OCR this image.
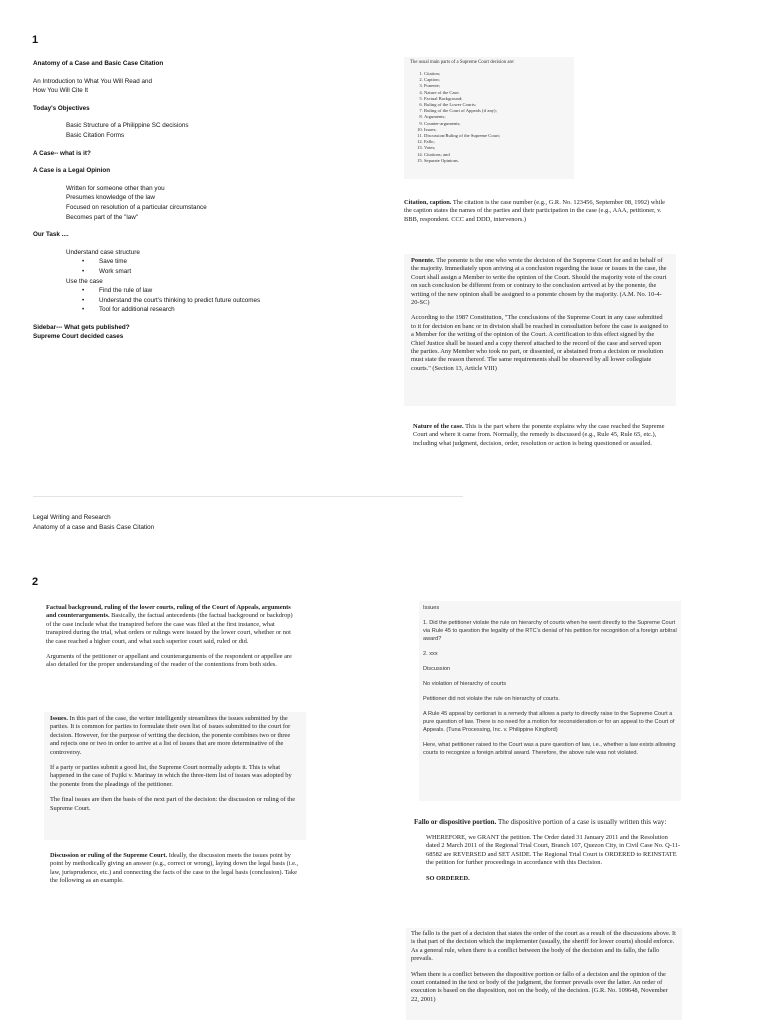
1
Anatomy of a Case and Basic Case Citation
An Introduction to What You Will Read and
How You Will Cite It
Today's Objectives
Basic Structure of a Philippine SC decisions
Basic Citation Forms
A Case-- what is it?
A Case is a Legal Opinion
Written for someone other than you
Presumes knowledge of the law
Focused on resolution of a particular circumstance
Becomes part of the "law"
Our Task ....
Understand case structure
• Save time
• Work smart
Use the case
• Find the rule of law
• Understand the court's thinking to predict future outcomes
• Tool for additional research
Sidebar--- What gets published?
Supreme Court decided cases
The usual main parts of a Supreme Court decision are:
1. Citation;
2. Caption;
3. Ponente;
4. Nature of the Case;
5. Factual Background;
6. Ruling of the Lower Courts;
7. Ruling of the Court of Appeals (if any);
8. Arguments;
9. Counter-arguments;
10. Issues;
11. Discussion/Ruling of the Supreme Court;
12. Fallo;
13. Votes;
14. Citations; and
15. Separate Opinions.

Citation, caption. The citation is the case number (e.g., G.R. No. 123456, September 08, 1992) while the caption states the names of the parties and their participation in the case (e.g., AAA, petitioner, v. BBB, respondent. CCC and DDD, intervenors.)

Ponente. The ponente is the one who wrote the decision of the Supreme Court for and in behalf of the majority. Immediately upon arriving at a conclusion regarding the issue or issues in the case, the Court shall assign a Member to write the opinion of the Court. Should the majority vote of the court on such conclusion be different from or contrary to the conclusion arrived at by the ponente, the writing of the new opinion shall be assigned to a ponente chosen by the majority. (A.M. No. 10-4-20-SC)

According to the 1987 Constitution, "The conclusions of the Supreme Court in any case submitted to it for decision en banc or in division shall be reached in consultation before the case is assigned to a Member for the writing of the opinion of the Court. A certification to this effect signed by the Chief Justice shall be issued and a copy thereof attached to the record of the case and served upon the parties. Any Member who took no part, or dissented, or abstained from a decision or resolution must state the reason thereof. The same requirements shall be observed by all lower collegiate courts." (Section 13, Article VIII)

Nature of the case. This is the part where the ponente explains why the case reached the Supreme Court and where it came from. Normally, the remedy is discussed (e.g., Rule 45, Rule 65, etc.), including what judgment, decision, order, resolution or action is being questioned or assailed.

Legal Writing and Research
Anatomy of a case and Basis Case Citation
2

Factual background, ruling of the lower courts, ruling of the Court of Appeals, arguments and counterarguments. Basically, the factual antecedents (the factual background or backdrop) of the case include what the transpired before the case was filed at the first instance, what transpired during the trial, what orders or rulings were issued by the lower court, whether or not the case reached a higher court, and what such superior court said, ruled or did.

Arguments of the petitioner or appellant and counterarguments of the respondent or appellee are also detailed for the proper understanding of the reader of the contentions from both sides.

Issues. In this part of the case, the writer intelligently streamlines the issues submitted by the parties. It is common for parties to formulate their own list of issues submitted to the court for decision. However, for the purpose of writing the decision, the ponente combines two or three and rejects one or two in order to arrive at a list of issues that are more determinative of the controversy.

If a party or parties submit a good list, the Supreme Court normally adopts it. This is what happened in the case of Fujiki v. Marinay in which the three-item list of issues was adopted by the ponente from the pleadings of the petitioner.

The final issues are then the basis of the next part of the decision: the discussion or ruling of the Supreme Court.

Discussion or ruling of the Supreme Court. Ideally, the discussion meets the issues point by point by methodically giving an answer (e.g., correct or wrong), laying down the legal basis (i.e., law, jurisprudence, etc.) and connecting the facts of the case to the legal basis (conclusion). Take the following as an example.

Issues

1. Did the petitioner violate the rule on hierarchy of courts when he went directly to the Supreme Court via Rule 45 to question the legality of the RTC's denial of his petition for recognition of a foreign arbitral award?

2. xxx

Discussion

No violation of hierarchy of courts

Petitioner did not violate the rule on hierarchy of courts.

A Rule 45 appeal by certiorari is a remedy that allows a party to directly raise to the Supreme Court a pure question of law. There is no need for a motion for reconsideration or for an appeal to the Court of Appeals. (Tuna Processing, Inc. v. Philippine Kingford)

Here, what petitioner raised to the Court was a pure question of law, i.e., whether a law exists allowing courts to recognize a foreign arbitral award. Therefore, the above rule was not violated.

Fallo or dispositive portion. The dispositive portion of a case is usually written this way:

WHEREFORE, we GRANT the petition. The Order dated 31 January 2011 and the Resolution dated 2 March 2011 of the Regional Trial Court, Branch 107, Quezon City, in Civil Case No. Q-11-68582 are REVERSED and SET ASIDE. The Regional Trial Court is ORDERED to REINSTATE the petition for further proceedings in accordance with this Decision.

SO ORDERED.

The fallo is the part of a decision that states the order of the court as a result of the discussions above. It is that part of the decision which the implementer (usually, the sheriff for lower courts) should enforce. As a general rule, when there is a conflict between the body of the decision and its fallo, the fallo prevails.

When there is a conflict between the dispositive portion or fallo of a decision and the opinion of the court contained in the text or body of the judgment, the former prevails over the latter. An order of execution is based on the disposition, not on the body, of the decision. (G.R. No. 109648, November 22, 2001)
